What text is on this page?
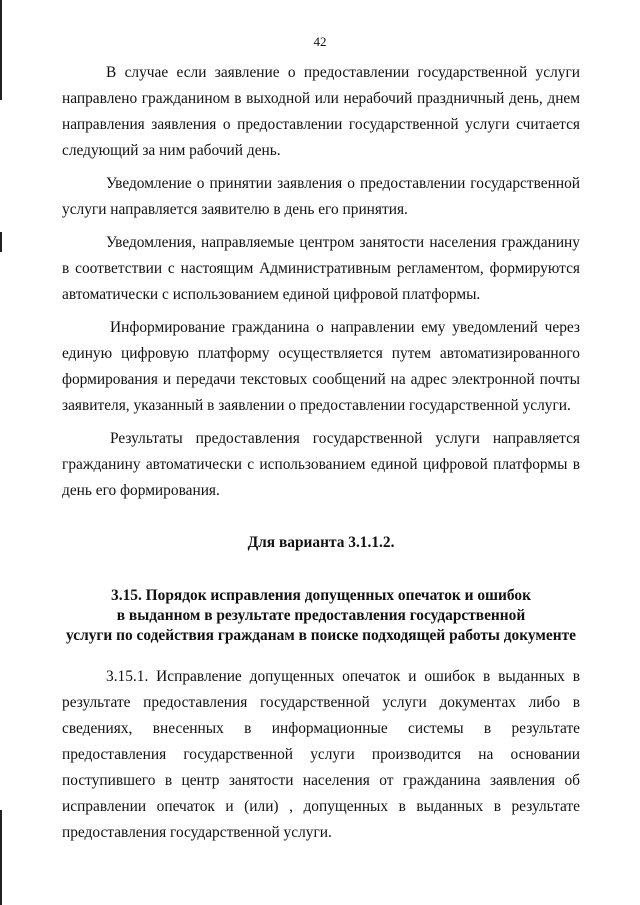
42

В случае если заявление о предоставлении государственной услуги направлено гражданином в выходной или нерабочий праздничный день, днем направления заявления о предоставлении государственной услуги считается следующий за ним рабочий день.

Уведомление о принятии заявления о предоставлении государственной услуги направляется заявителю в день его принятия.

Уведомления, направляемые центром занятости населения гражданину в соответствии с настоящим Административным регламентом, формируются автоматически с использованием единой цифровой платформы.

Информирование гражданина о направлении ему уведомлений через единую цифровую платформу осуществляется путем автоматизированного формирования и передачи текстовых сообщений на адрес электронной почты заявителя, указанный в заявлении о предоставлении государственной услуги.

Результаты предоставления государственной услуги направляется гражданину автоматически с использованием единой цифровой платформы в день его формирования.

Для варианта 3.1.1.2.
3.15. Порядок исправления допущенных опечаток и ошибок
в выданном в результате предоставления государственной
услуги по содействия гражданам в поиске подходящей работы документе

3.15.1. Исправление допущенных опечаток и ошибок в выданных в результате предоставления государственной услуги документах либо в сведениях, внесенных в информационные системы в результате предоставления государственной услуги производится на основании поступившего в центр занятости населения от гражданина заявления об исправлении опечаток и (или) , допущенных в выданных в результате предоставления государственной услуги.
